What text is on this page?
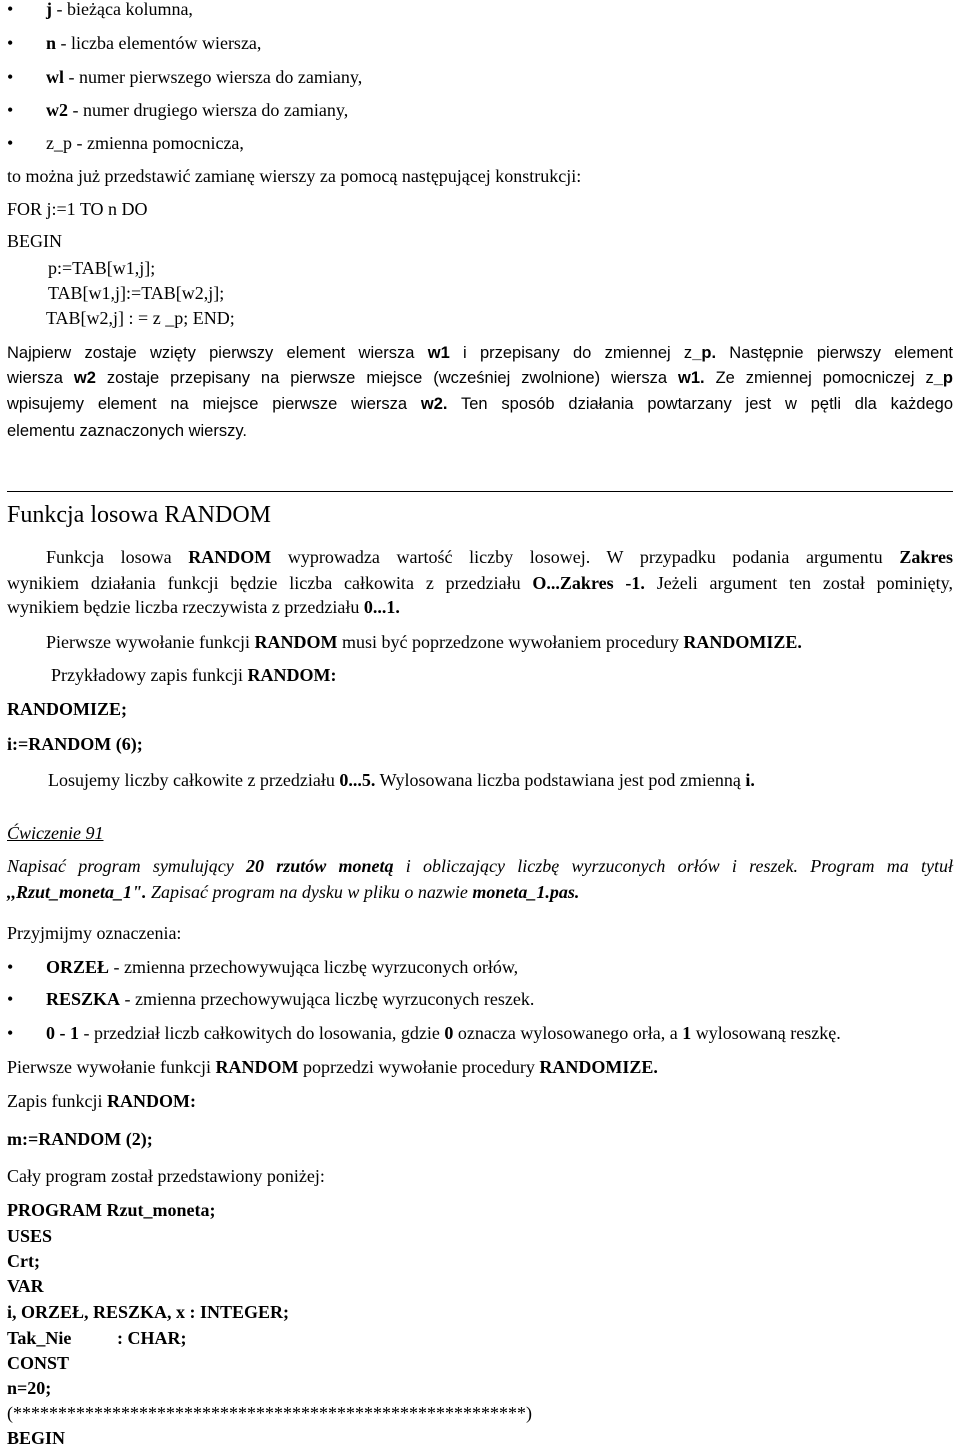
• j - bieżąca kolumna,
• n - liczba elementów wiersza,
• wl - numer pierwszego wiersza do zamiany,
• w2 - numer drugiego wiersza do zamiany,
• z_p - zmienna pomocnicza,
to można już przedstawić zamianę wierszy za pomocą następującej konstrukcji:
FOR j:=1 TO n DO
BEGIN
p:=TAB[w1,j];
TAB[w1,j]:=TAB[w2,j];
TAB[w2,j] : = z _p; END;
Najpierw zostaje wzięty pierwszy element wiersza w1 i przepisany do zmiennej z_p. Następnie pierwszy element
wiersza w2 zostaje przepisany na pierwsze miejsce (wcześniej zwolnione) wiersza w1. Ze zmiennej pomocniczej z_p
wpisujemy element na miejsce pierwsze wiersza w2. Ten sposób działania powtarzany jest w pętli dla każdego
elementu zaznaczonych wierszy.
Funkcja losowa RANDOM
Funkcja losowa RANDOM wyprowadza wartość liczby losowej. W przypadku podania argumentu Zakres
wynikiem działania funkcji będzie liczba całkowita z przedziału O...Zakres -1. Jeżeli argument ten został pominięty,
wynikiem będzie liczba rzeczywista z przedziału 0...1.
Pierwsze wywołanie funkcji RANDOM musi być poprzedzone wywołaniem procedury RANDOMIZE.
Przykładowy zapis funkcji RANDOM:
RANDOMIZE;
i:=RANDOM (6);
Losujemy liczby całkowite z przedziału 0...5. Wylosowana liczba podstawiana jest pod zmienną i.
Ćwiczenie 91
Napisać program symulujący 20 rzutów monetą i obliczający liczbę wyrzuconych orłów i reszek. Program ma tytuł
,,Rzut_moneta_1". Zapisać program na dysku w pliku o nazwie moneta_1.pas.
Przyjmijmy oznaczenia:
• ORZEŁ - zmienna przechowywująca liczbę wyrzuconych orłów,
• RESZKA - zmienna przechowywująca liczbę wyrzuconych reszek.
• 0 - 1 - przedział liczb całkowitych do losowania, gdzie 0 oznacza wylosowanego orła, a 1 wylosowaną reszkę.
Pierwsze wywołanie funkcji RANDOM poprzedzi wywołanie procedury RANDOMIZE.
Zapis funkcji RANDOM:
m:=RANDOM (2);
Cały program został przedstawiony poniżej:
PROGRAM Rzut_moneta;
USES
Crt;
VAR
i, ORZEŁ, RESZKA, x : INTEGER;
Tak_Nie	: CHAR;
CONST
n=20;
(*********************************************************)
BEGIN
